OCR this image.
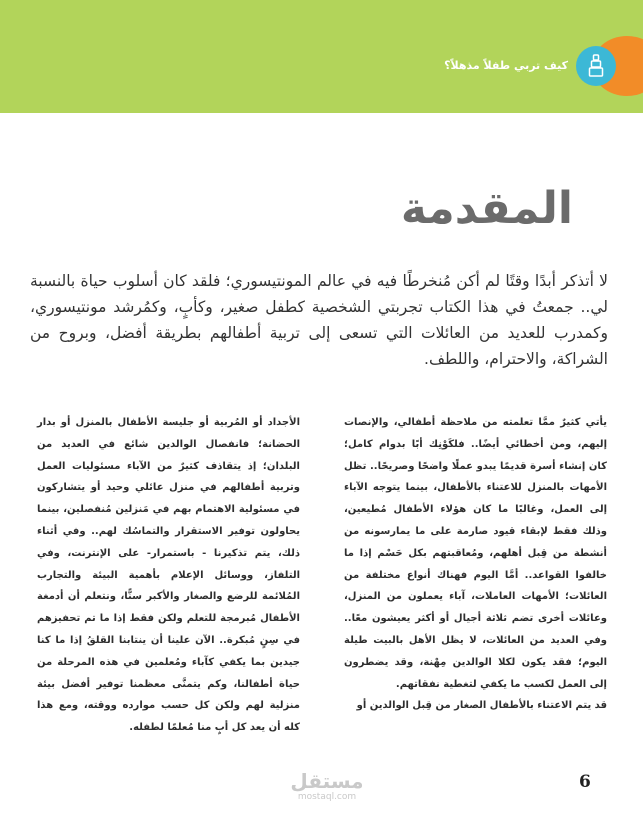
كيف تربي طفلاً مذهلاً؟
المقدمة

لا أتذكر أبدًا وقتًا لم أكن مُنخرطًا فيه في عالم المونتيسوري؛ فلقد كان أسلوب حياة بالنسبة لي.. جمعتُ في هذا الكتاب تجربتي الشخصية كطفل صغير، وكأبٍ، وكمُرشد مونتيسوري، وكمدرب للعديد من العائلات التي تسعى إلى تربية أطفالهم بطريقة أفضل، وبروح من الشراكة، والاحترام، واللطف.

يأتي كثيرٌ ممَّا تعلمته من ملاحظة أطفالي، والإنصات إليهم، ومن أخطائي أيضًا.. فلكَوْنِك أبًا بدوام كامل؛ كان إنشاء أسرة قديمًا يبدو عملًا واضحًا وصريحًا.. تظل الأمهات بالمنزل للاعتناء بالأطفال، بينما يتوجه الآباء إلى العمل، وغالبًا ما كان هؤلاء الأطفال مُطيعين، وذلك فقط لإبقاء قيود صارمة على ما يمارسونه من أنشطة من قِبل أهلهم، ومُعاقبتهم بكل حَسْم إذا ما خالفوا القواعد.. أمَّا اليوم فهناك أنواع مختلفة من العائلات؛ الأمهات العاملات، آباء يعملون من المنزل، وعائلات أخرى تضم ثلاثة أجيال أو أكثر يعيشون معًا.. وفي العديد من العائلات، لا يظل الأهل بالبيت طيلة اليوم؛ فقد يكون لكلا الوالدين مِهْنة، وقد يضطرون إلى العمل لكسب ما يكفي لتغطية نفقاتهم.

قد يتم الاعتناء بالأطفال الصغار من قِبل الوالدين أو

الأجداد أو المُربية أو جليسة الأطفال بالمنزل أو بدار الحضانة؛ فانفصال الوالدين شائع في العديد من البلدان؛ إذ يتقاذف كثيرٌ من الآباء مسئوليات العمل وتربية أطفالهم في منزل عائلي وحيد أو يتشاركون في مسئولية الاهتمام بهم في مَنزلين مُنفصلين، بينما يحاولون توفير الاستقرار والتماسُك لهم.. وفي أثناء ذلك، يتم تذكيرنا - باستمرار- على الإنترنت، وفي التلفاز، ووسائل الإعلام بأهمية البيئة والتجارب المُلائمة للرضع والصغار والأكبر سنًّا، ونتعلم أن أدمغة الأطفال مُبرمجة للتعلم ولكن فقط إذا ما تم تحفيزهم في سِنٍ مُبكرة.. الآن علينا أن ينتابنا القلقُ إذا ما كنا جيدين بما يكفي كآباء ومُعلمين في هذه المرحلة من حياة أطفالنا، وكم يتمنَّى معظمنا توفير أفضل بيئة منزلية لهم ولكن كل حسب موارده ووقته، ومع هذا كله أن يعد كل أبٍ منا مُعلمًا لطفله.

مستقل
mostaql.com
6
